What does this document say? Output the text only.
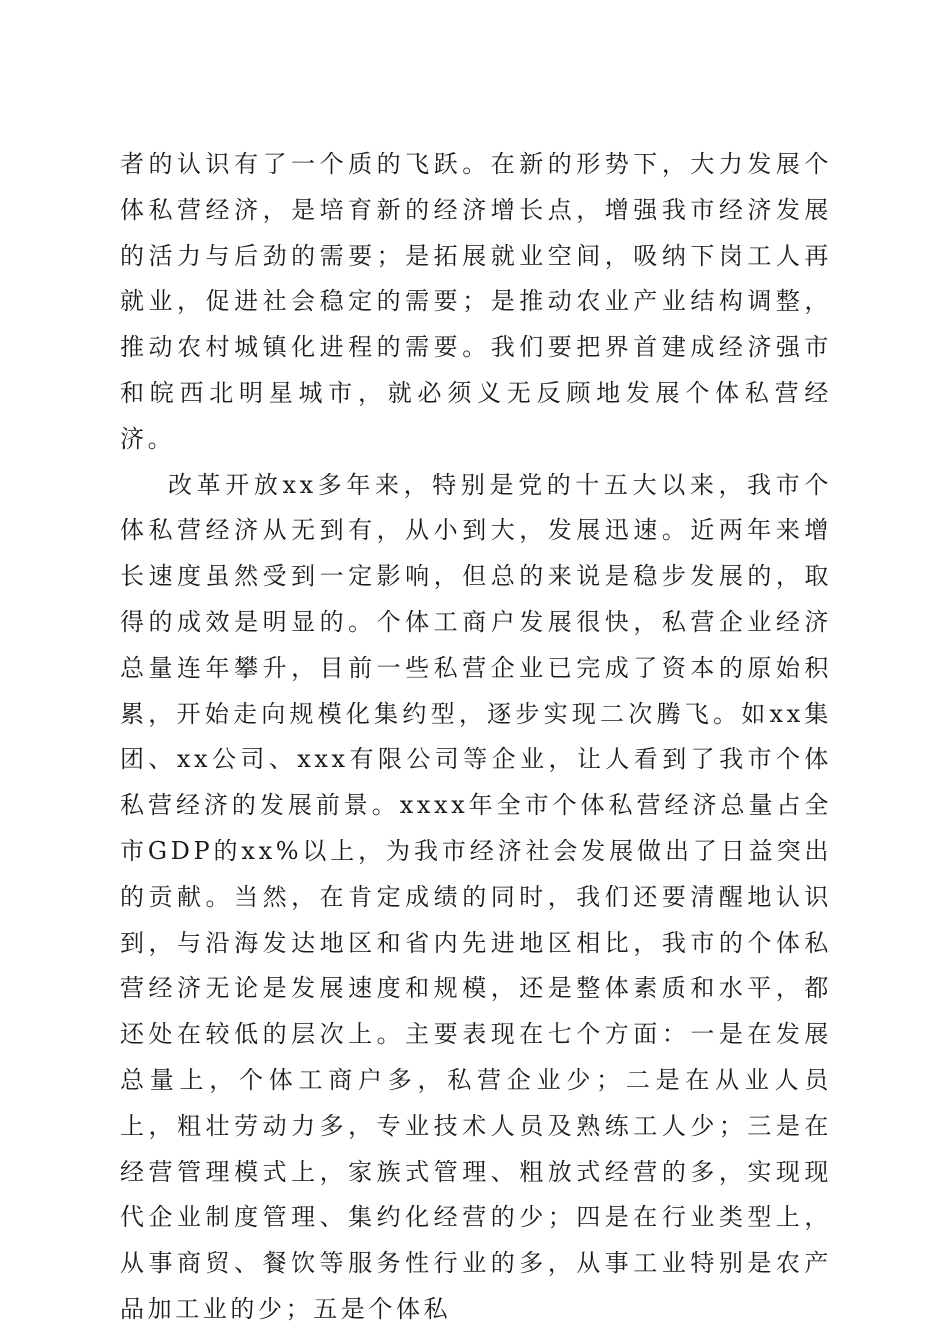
者的认识有了一个质的飞跃。在新的形势下，大力发展个体私营经济，是培育新的经济增长点，增强我市经济发展的活力与后劲的需要；是拓展就业空间，吸纳下岗工人再就业，促进社会稳定的需要；是推动农业产业结构调整，推动农村城镇化进程的需要。我们要把界首建成经济强市和皖西北明星城市，就必须义无反顾地发展个体私营经济。

改革开放xx多年来，特别是党的十五大以来，我市个体私营经济从无到有，从小到大，发展迅速。近两年来增长速度虽然受到一定影响，但总的来说是稳步发展的，取得的成效是明显的。个体工商户发展很快，私营企业经济总量连年攀升，目前一些私营企业已完成了资本的原始积累，开始走向规模化集约型，逐步实现二次腾飞。如xx集团、xx公司、xxx有限公司等企业，让人看到了我市个体私营经济的发展前景。xxxx年全市个体私营经济总量占全市GDP的xx%以上，为我市经济社会发展做出了日益突出的贡献。当然，在肯定成绩的同时，我们还要清醒地认识到，与沿海发达地区和省内先进地区相比，我市的个体私营经济无论是发展速度和规模，还是整体素质和水平，都还处在较低的层次上。主要表现在七个方面：一是在发展总量上，个体工商户多，私营企业少；二是在从业人员上，粗壮劳动力多，专业技术人员及熟练工人少；三是在经营管理模式上，家族式管理、粗放式经营的多，实现现代企业制度管理、集约化经营的少；四是在行业类型上，从事商贸、餐饮等服务性行业的多，从事工业特别是农产品加工业的少；五是个体私
